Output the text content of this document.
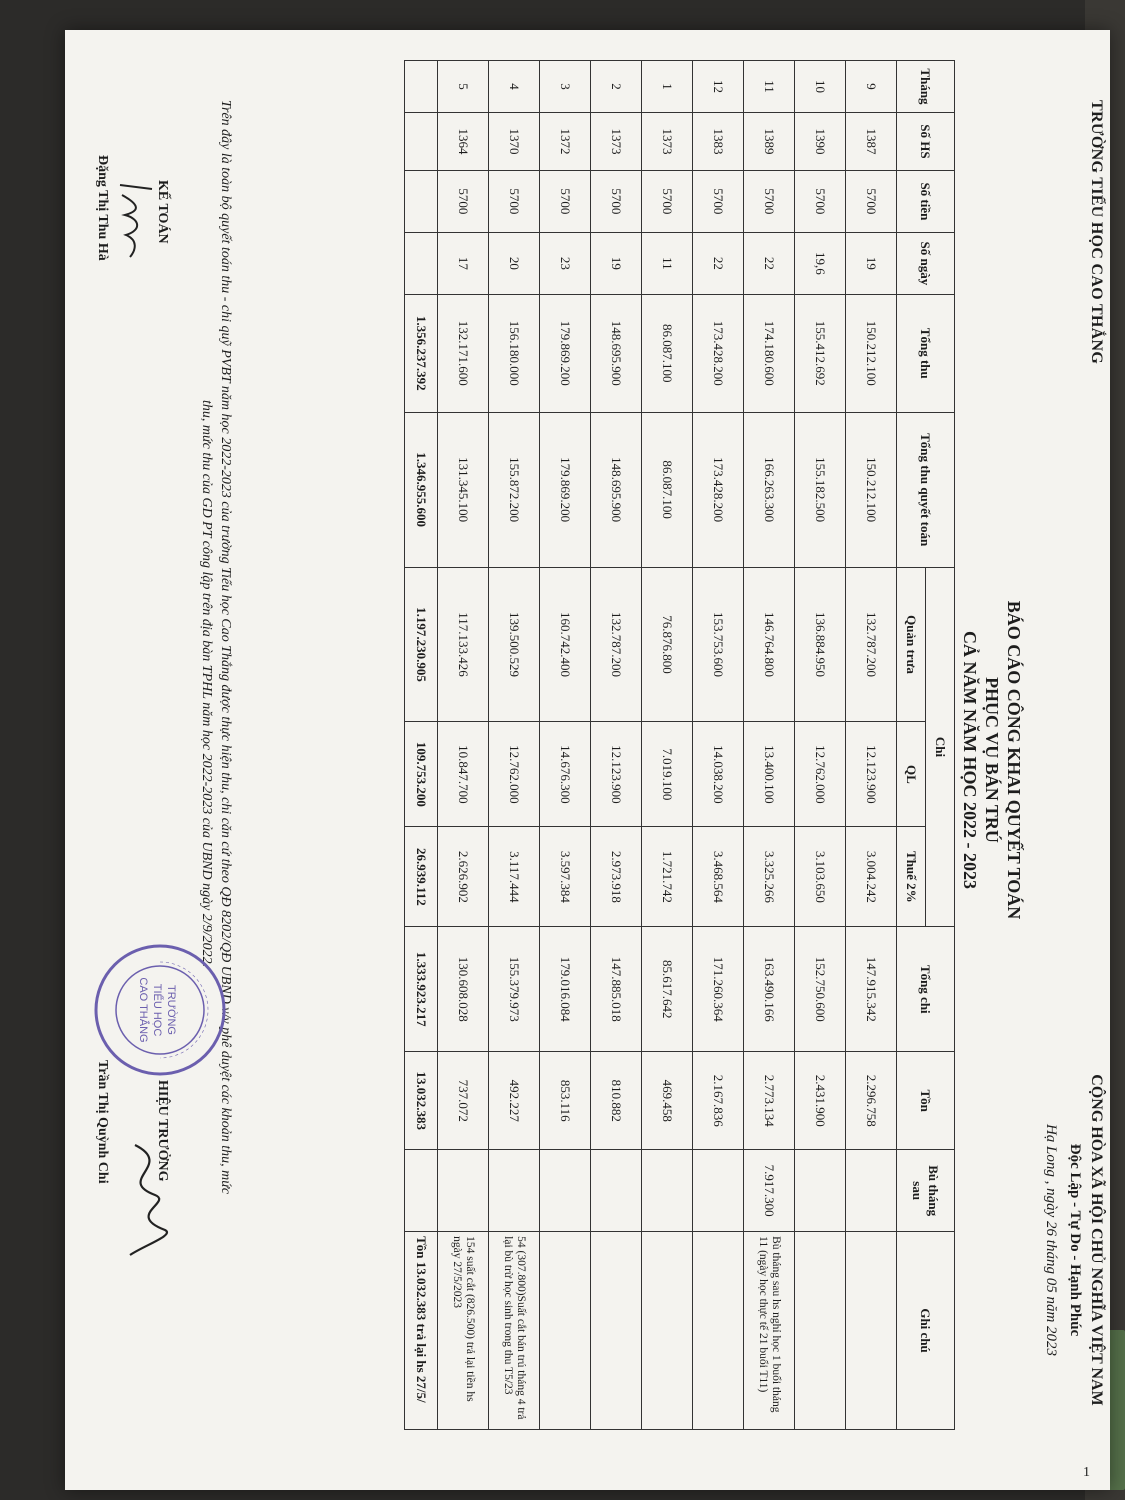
1
TRƯỜNG TIỂU HỌC CAO THẮNG
CỘNG HÒA XÃ HỘI CHỦ NGHĨA VIỆT NAM
Độc Lập - Tự Do - Hạnh Phúc
Hạ Long , ngày 26 tháng 05 năm 2023
BÁO CÁO CÔNG KHAI QUYẾT TOÁN
PHỤC VỤ BÁN TRÚ
CẢ NĂM NĂM HỌC 2022 - 2023
Tháng	Số HS	Số tiền	Số ngày	Tổng thu	Tổng thu quyết toán	Chi			Tổng chi	Tồn	Bù tháng sau	Ghi chú
						Quản trưa	QL	Thuế 2%				
9	1387	5700	19	150.212.100	150.212.100	132.787.200	12.123.900	3.004.242	147.915.342	2.296.758		
10	1390	5700	19,6	155.412.692	155.182.500	136.884.950	12.762.000	3.103.650	152.750.600	2.431.900		
11	1389	5700	22	174.180.600	166.263.300	146.764.800	13.400.100	3.325.266	163.490.166	2.773.134	7.917.300	Bù tháng sau hs nghỉ học 1 buổi tháng 11 (ngày học thực tế 21 buổi T11)
12	1383	5700	22	173.428.200	173.428.200	153.753.600	14.038.200	3.468.564	171.260.364	2.167.836		
1	1373	5700	11	86.087.100	86.087.100	76.876.800	7.019.100	1.721.742	85.617.642	469.458		
2	1373	5700	19	148.695.900	148.695.900	132.787.200	12.123.900	2.973.918	147.885.018	810.882		
3	1372	5700	23	179.869.200	179.869.200	160.742.400	14.676.300	3.597.384	179.016.084	853.116		
4	1370	5700	20	156.180.000	155.872.200	139.500.529	12.762.000	3.117.444	155.379.973	492.227		54 (307.800)Suất cắt bán trú tháng 4 trả lại bù trừ học sinh trong thu T5/23
5	1364	5700	17	132.171.600	131.345.100	117.133.426	10.847.700	2.626.902	130.608.028	737.072		154 suất cắt (826.500) trả lại tiền hs ngày 27/5/2023
				1.356.237.392	1.346.955.600	1.197.230.905	109.753.200	26.939.112	1.333.923.217	13.032.383		Tồn 13.032.383 trả lại hs 27/5/
Trên đây là toàn bộ quyết toán thu - chi quỹ PVBT năm học 2022-2023 của trường Tiểu học Cao Thắng được thực hiện thu, chi căn cứ theo QĐ 8202/QĐ UBND v/v phê duyệt các khoản thu, mức
thu, mức thu của GD PT công lập trên địa bàn TPHL năm học 2022-2023 của UBND ngày 2/9/2022.
KẾ TOÁN
Đặng Thị Thu Hà
HIỆU TRƯỞNG
Trần Thị Quỳnh Chi
TRƯỜNG
TIỂU HỌC
CAO THẮNG
